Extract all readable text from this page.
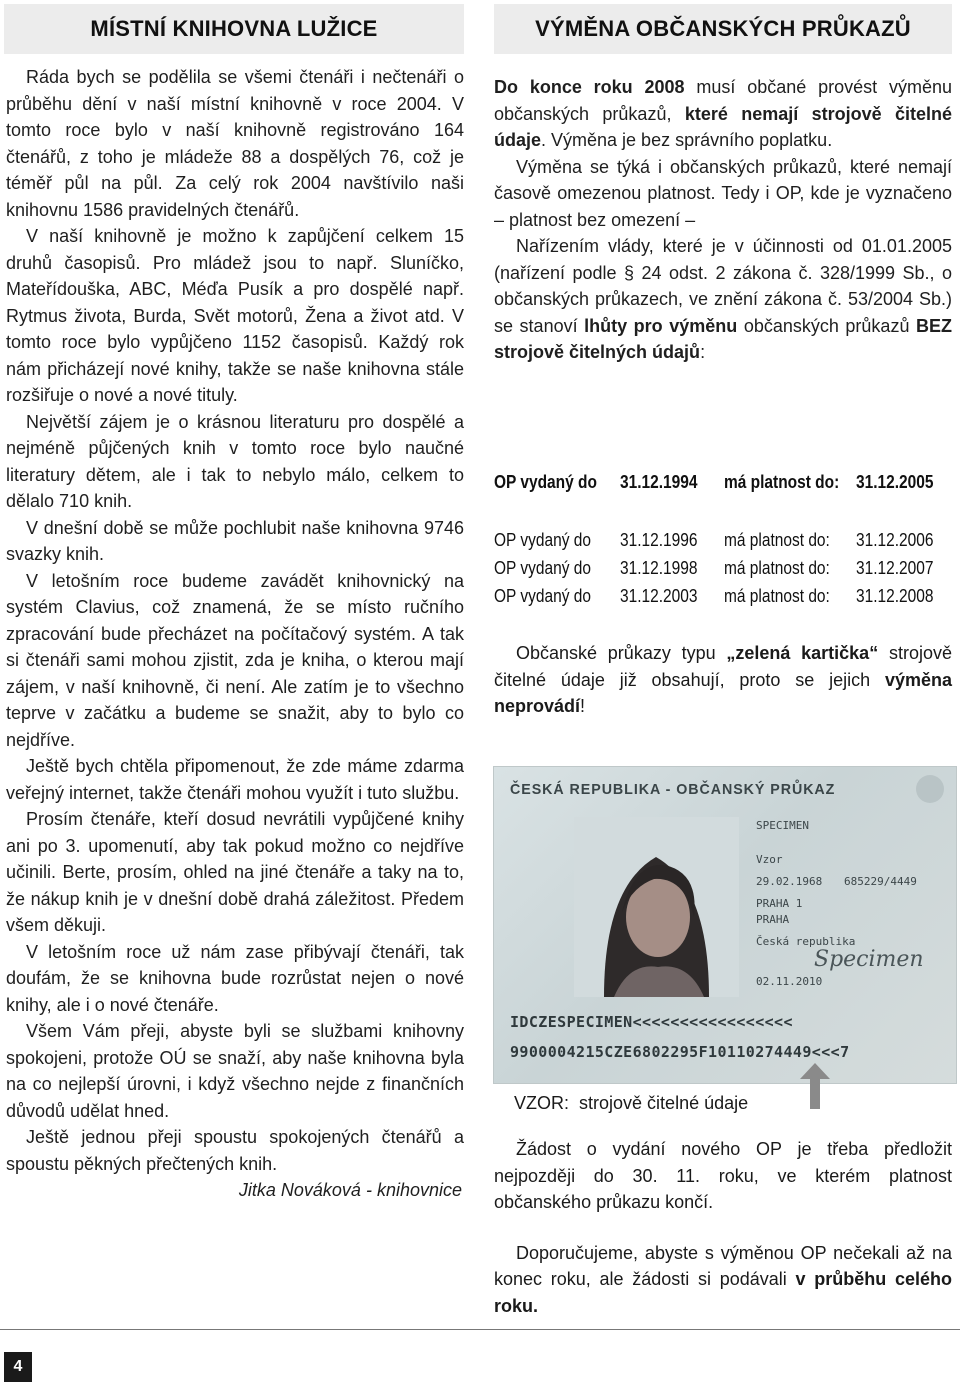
MÍSTNÍ KNIHOVNA LUŽICE	VÝMĚNA OBČANSKÝCH PRŮKAZŮ

Ráda bych se podělila se všemi čtenáři i nečtenáři o průběhu dění v naší místní knihovně v roce 2004. V tomto roce bylo v naší knihovně registrováno 164 čtenářů, z toho je mládeže 88 a dospělých 76, což je téměř půl na půl. Za celý rok 2004 navštívilo naši knihovnu 1586 pravidelných čtenářů.

V naší knihovně je možno k zapůjčení celkem 15 druhů časopisů. Pro mládež jsou to např. Sluníčko, Mateřídouška, ABC, Méďa Pusík a pro dospělé např. Rytmus života, Burda, Svět motorů, Žena a život atd. V tomto roce bylo vypůjčeno 1152 časopisů. Každý rok nám přicházejí nové knihy, takže se naše knihovna stále rozšiřuje o nové a nové tituly.

Největší zájem je o krásnou literaturu pro dospělé a nejméně půjčených knih v tomto roce bylo naučné literatury dětem, ale i tak to nebylo málo, celkem to dělalo 710 knih.

V dnešní době se může pochlubit naše knihovna 9746 svazky knih.

V letošním roce budeme zavádět knihovnický na systém Clavius, což znamená, že se místo ručního zpracování bude přecházet na počítačový systém. A tak si čtenáři sami mohou zjistit, zda je kniha, o kterou mají zájem, v naší knihovně, či není. Ale zatím je to všechno teprve v začátku a budeme se snažit, aby to bylo co nejdříve.

Ještě bych chtěla připomenout, že zde máme zdarma veřejný internet, takže čtenáři mohou využít i tuto službu.

Prosím čtenáře, kteří dosud nevrátili vypůjčené knihy ani po 3. upomenutí, aby tak pokud možno co nejdříve učinili. Berte, prosím, ohled na jiné čtenáře a taky na to, že nákup knih je v dnešní době drahá záležitost. Předem všem děkuji.

V letošním roce už nám zase přibývají čtenáři, tak doufám, že se knihovna bude rozrůstat nejen o nové knihy, ale i o nové čtenáře.

Všem Vám přeji, abyste byli se službami knihovny spokojeni, protože OÚ se snaží, aby naše knihovna byla na co nejlepší úrovni, i když všechno nejde z finančních důvodů udělat hned.

Ještě jednou přeji spoustu spokojených čtenářů a spoustu pěkných přečtených knih.

Jitka Nováková - knihovnice

Do konce roku 2008 musí občané provést výměnu občanských průkazů, které nemají strojově čitelné údaje. Výměna je bez správního poplatku.

Výměna se týká i občanských průkazů, které nemají časově omezenou platnost. Tedy i OP, kde je vyznačeno – platnost bez omezení –

Nařízením vlády, které je v účinnosti od 01.01.2005 (nařízení podle § 24 odst. 2 zákona č. 328/1999 Sb., o občanských průkazech, ve znění zákona č. 53/2004 Sb.) se stanoví lhůty pro výměnu občanských průkazů BEZ strojově čitelných údajů:

OP vydaný do 31.12.1994 má platnost do: 31.12.2005
OP vydaný do 31.12.1996 má platnost do: 31.12.2006
OP vydaný do 31.12.1998 má platnost do: 31.12.2007
OP vydaný do 31.12.2003 má platnost do: 31.12.2008

Občanské průkazy typu „zelená kartička“ strojově čitelné údaje již obsahují, proto se jejich výměna neprovádí!

ČESKÁ REPUBLIKA - OBČANSKÝ PRŮKAZ
SPECIMEN
Vzor
29.02.1968 685229/4449
PRAHA 1
PRAHA
Česká republika
02.11.2010
Specimen
IDCZESPECIMEN<<<<<<<<<<<<<<<<<
9900004215CZE6802295F10110274449<<<7
VZOR: strojově čitelné údaje

Žádost o vydání nového OP je třeba předložit nejpozději do 30. 11. roku, ve kterém platnost občanského průkazu končí.

Doporučujeme, abyste s výměnou OP nečekali až na konec roku, ale žádosti si podávali v průběhu celého roku.

4
